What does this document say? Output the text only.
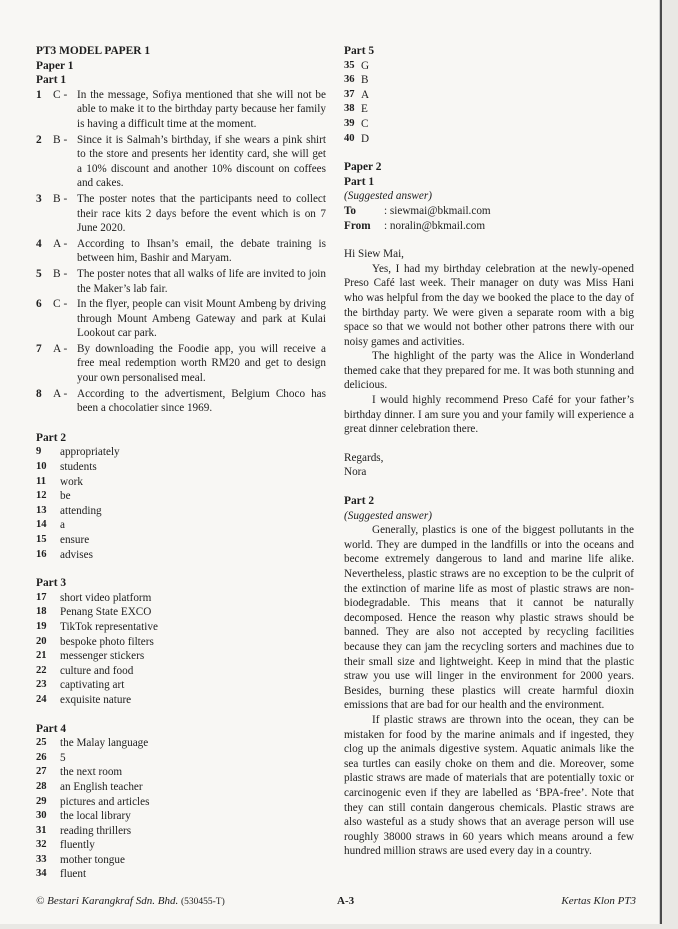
PT3 MODEL PAPER 1
Paper 1
Part 1
1 C - In the message, Sofiya mentioned that she will not be able to make it to the birthday party because her family is having a difficult time at the moment.
2 B - Since it is Salmah’s birthday, if she wears a pink shirt to the store and presents her identity card, she will get a 10% discount and another 10% discount on coffees and cakes.
3 B - The poster notes that the participants need to collect their race kits 2 days before the event which is on 7 June 2020.
4 A - According to Ihsan’s email, the debate training is between him, Bashir and Maryam.
5 B - The poster notes that all walks of life are invited to join the Maker’s lab fair.
6 C - In the flyer, people can visit Mount Ambeng by driving through Mount Ambeng Gateway and park at Kulai Lookout car park.
7 A - By downloading the Foodie app, you will receive a free meal redemption worth RM20 and get to design your own personalised meal.
8 A - According to the advertisment, Belgium Choco has been a chocolatier since 1969.
Part 2
9	appropriately
10	students
11	work
12	be
13	attending
14	a
15	ensure
16	advises
Part 3
17	short video platform
18	Penang State EXCO
19	TikTok representative
20	bespoke photo filters
21	messenger stickers
22	culture and food
23	captivating art
24	exquisite nature
Part 4
25	the Malay language
26	5
27	the next room
28	an English teacher
29	pictures and articles
30	the local library
31	reading thrillers
32	fluently
33	mother tongue
34	fluent
Part 5
35 G
36 B
37 A
38 E
39 C
40 D
Paper 2
Part 1
(Suggested answer)
To	: siewmai@bkmail.com
From	: noralin@bkmail.com
Hi Siew Mai,

Yes, I had my birthday celebration at the newly-opened Preso Café last week. Their manager on duty was Miss Hani who was helpful from the day we booked the place to the day of the birthday party. We were given a separate room with a big space so that we would not bother other patrons there with our noisy games and activities.

The highlight of the party was the Alice in Wonderland themed cake that they prepared for me. It was both stunning and delicious.

I would highly recommend Preso Café for your father’s birthday dinner. I am sure you and your family will experience a great dinner celebration there.

Regards,
Nora
Part 2
(Suggested answer)

Generally, plastics is one of the biggest pollutants in the world. They are dumped in the landfills or into the oceans and become extremely dangerous to land and marine life alike. Nevertheless, plastic straws are no exception to be the culprit of the extinction of marine life as most of plastic straws are non-biodegradable. This means that it cannot be naturally decomposed. Hence the reason why plastic straws should be banned. They are also not accepted by recycling facilities because they can jam the recycling sorters and machines due to their small size and lightweight. Keep in mind that the plastic straw you use will linger in the environment for 2000 years. Besides, burning these plastics will create harmful dioxin emissions that are bad for our health and the environment.

If plastic straws are thrown into the ocean, they can be mistaken for food by the marine animals and if ingested, they clog up the animals digestive system. Aquatic animals like the sea turtles can easily choke on them and die. Moreover, some plastic straws are made of materials that are potentially toxic or carcinogenic even if they are labelled as ‘BPA-free’. Note that they can still contain dangerous chemicals. Plastic straws are also wasteful as a study shows that an average person will use roughly 38000 straws in 60 years which means around a few hundred million straws are used every day in a country.

© Bestari Karangkraf Sdn. Bhd. (530455-T)	A-3	Kertas Klon PT3
